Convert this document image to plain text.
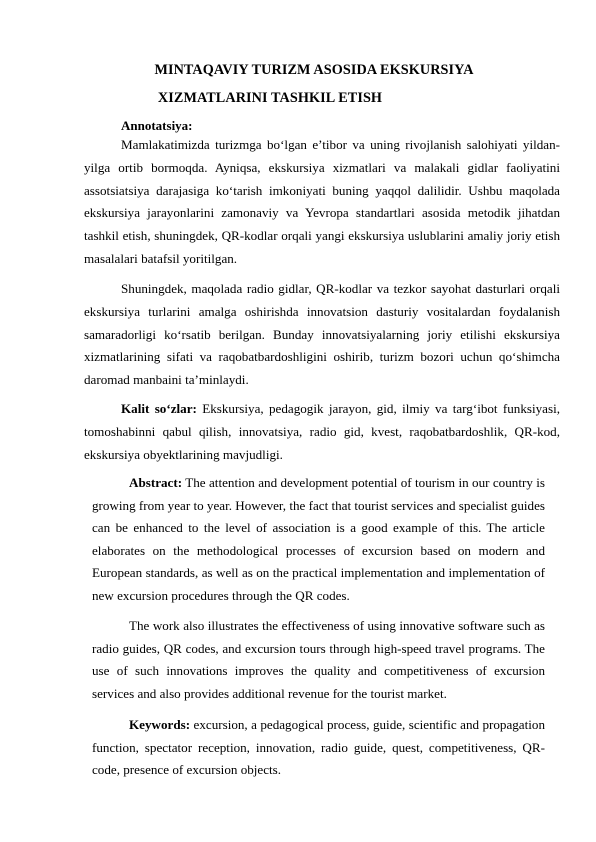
MINTAQAVIY TURIZM ASOSIDA EKSKURSIYA
XIZMATLARINI TASHKIL ETISH
Annotatsiya:

Mamlakatimizda turizmga bo‘lgan e’tibor va uning rivojlanish salohiyati yildan-yilga ortib bormoqda. Ayniqsa, ekskursiya xizmatlari va malakali gidlar faoliyatini assotsiatsiya darajasiga ko‘tarish imkoniyati buning yaqqol dalilidir. Ushbu maqolada ekskursiya jarayonlarini zamonaviy va Yevropa standartlari asosida metodik jihatdan tashkil etish, shuningdek, QR-kodlar orqali yangi ekskursiya uslublarini amaliy joriy etish masalalari batafsil yoritilgan.

Shuningdek, maqolada radio gidlar, QR-kodlar va tezkor sayohat dasturlari orqali ekskursiya turlarini amalga oshirishda innovatsion dasturiy vositalardan foydalanish samaradorligi ko‘rsatib berilgan. Bunday innovatsiyalarning joriy etilishi ekskursiya xizmatlarining sifati va raqobatbardoshligini oshirib, turizm bozori uchun qo‘shimcha daromad manbaini ta’minlaydi.

Kalit so‘zlar: Ekskursiya, pedagogik jarayon, gid, ilmiy va targ‘ibot funksiyasi, tomoshabinni qabul qilish, innovatsiya, radio gid, kvest, raqobatbardoshlik, QR-kod, ekskursiya obyektlarining mavjudligi.

Abstract: The attention and development potential of tourism in our country is growing from year to year. However, the fact that tourist services and specialist guides can be enhanced to the level of association is a good example of this. The article elaborates on the methodological processes of excursion based on modern and European standards, as well as on the practical implementation and implementation of new excursion procedures through the QR codes.

The work also illustrates the effectiveness of using innovative software such as radio guides, QR codes, and excursion tours through high-speed travel programs. The use of such innovations improves the quality and competitiveness of excursion services and also provides additional revenue for the tourist market.

Keywords: excursion, a pedagogical process, guide, scientific and propagation function, spectator reception, innovation, radio guide, quest, competitiveness, QR-code, presence of excursion objects.
